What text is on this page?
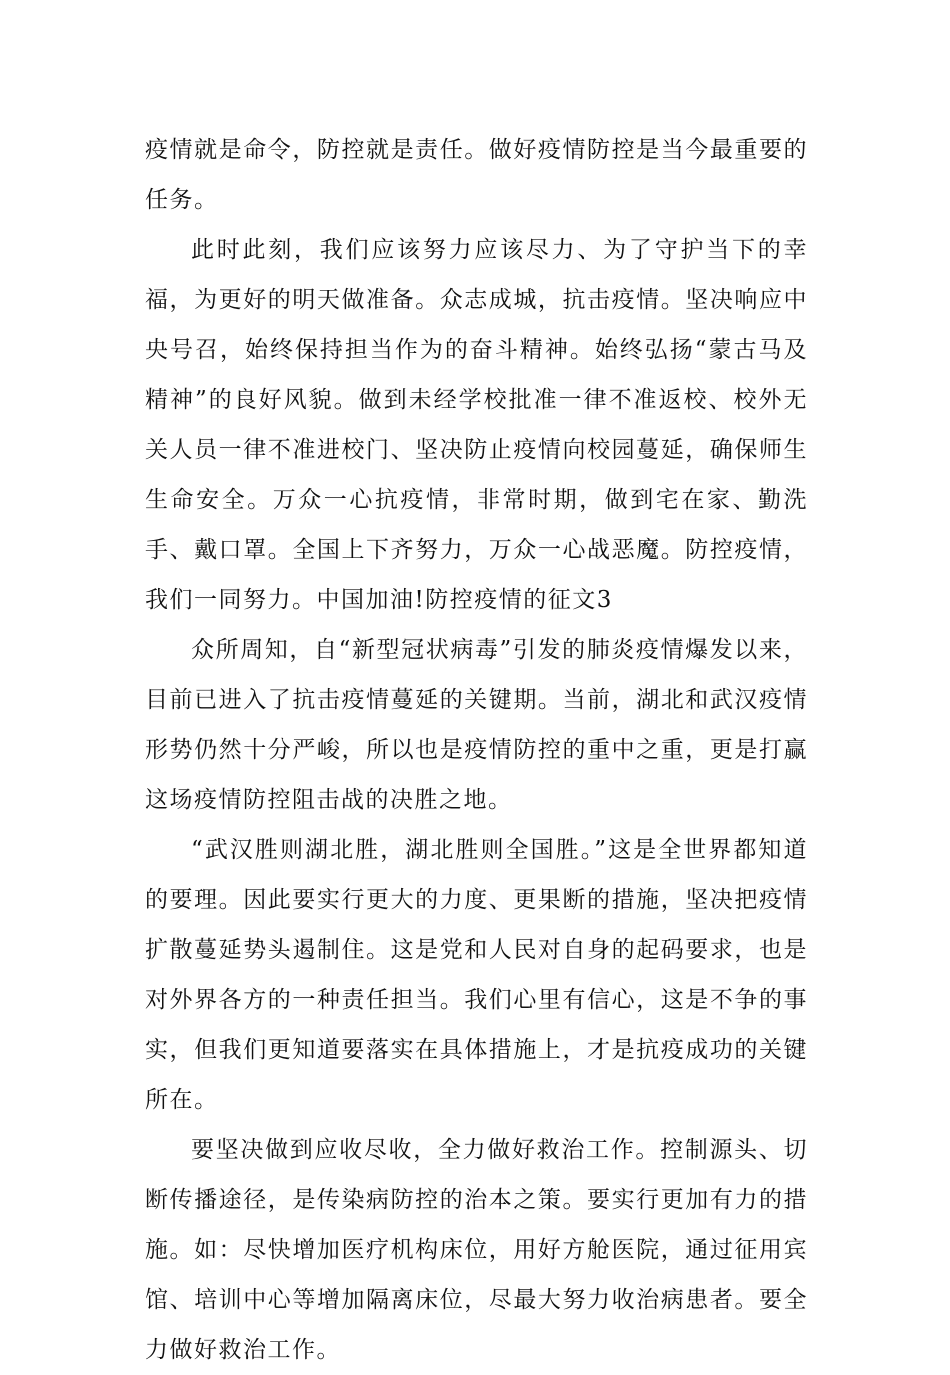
疫情就是命令，防控就是责任。做好疫情防控是当今最重要的任务。

此时此刻，我们应该努力应该尽力、为了守护当下的幸福，为更好的明天做准备。众志成城，抗击疫情。坚决响应中央号召，始终保持担当作为的奋斗精神。始终弘扬“蒙古马及精神”的良好风貌。做到未经学校批准一律不准返校、校外无关人员一律不准进校门、坚决防止疫情向校园蔓延，确保师生生命安全。万众一心抗疫情，非常时期，做到宅在家、勤洗手、戴口罩。全国上下齐努力，万众一心战恶魔。防控疫情，我们一同努力。中国加油!防控疫情的征文3

众所周知，自“新型冠状病毒”引发的肺炎疫情爆发以来，目前已进入了抗击疫情蔓延的关键期。当前，湖北和武汉疫情形势仍然十分严峻，所以也是疫情防控的重中之重，更是打赢这场疫情防控阻击战的决胜之地。

“武汉胜则湖北胜，湖北胜则全国胜。”这是全世界都知道的要理。因此要实行更大的力度、更果断的措施，坚决把疫情扩散蔓延势头遏制住。这是党和人民对自身的起码要求，也是对外界各方的一种责任担当。我们心里有信心，这是不争的事实，但我们更知道要落实在具体措施上，才是抗疫成功的关键所在。

要坚决做到应收尽收，全力做好救治工作。控制源头、切断传播途径，是传染病防控的治本之策。要实行更加有力的措施。如：尽快增加医疗机构床位，用好方舱医院，通过征用宾馆、培训中心等增加隔离床位，尽最大努力收治病患者。要全力做好救治工作。
